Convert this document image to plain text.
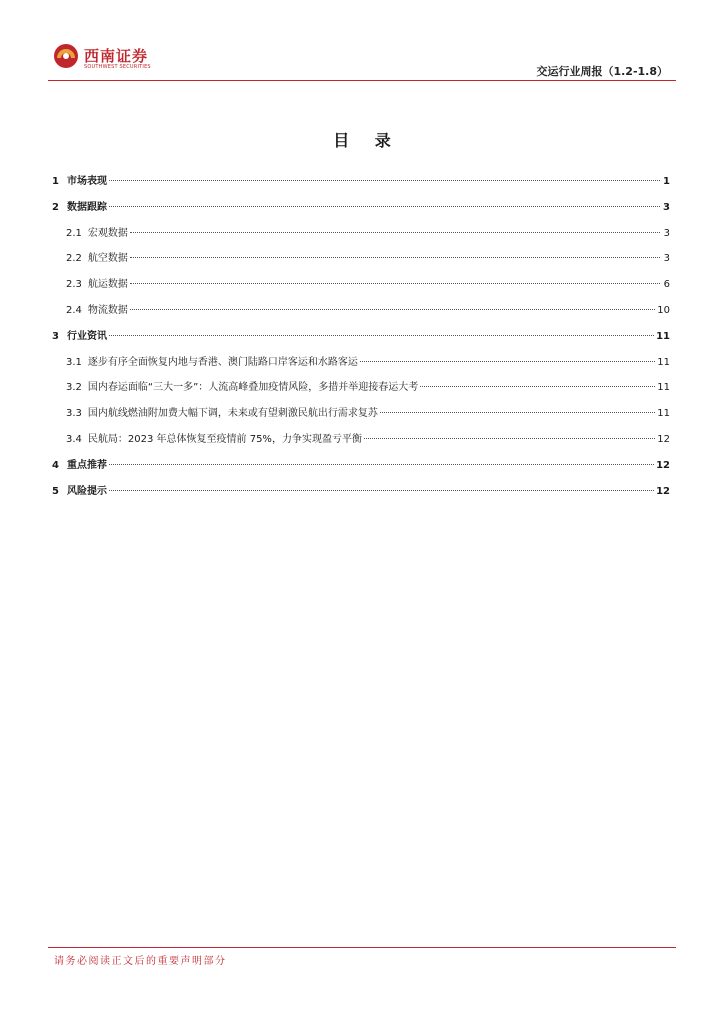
西南证券
SOUTHWEST SECURITIES	交运行业周报（1.2-1.8）
目 录
1 市场表现	1
2 数据跟踪	3
2.1 宏观数据	3
2.2 航空数据	3
2.3 航运数据	6
2.4 物流数据	10
3 行业资讯	11
3.1 逐步有序全面恢复内地与香港、澳门陆路口岸客运和水路客运	11
3.2 国内春运面临“三大一多”：人流高峰叠加疫情风险，多措并举迎接春运大考	11
3.3 国内航线燃油附加费大幅下调，未来或有望刺激民航出行需求复苏	11
3.4 民航局：2023 年总体恢复至疫情前 75%，力争实现盈亏平衡	12
4 重点推荐	12
5 风险提示	12
请务必阅读正文后的重要声明部分
